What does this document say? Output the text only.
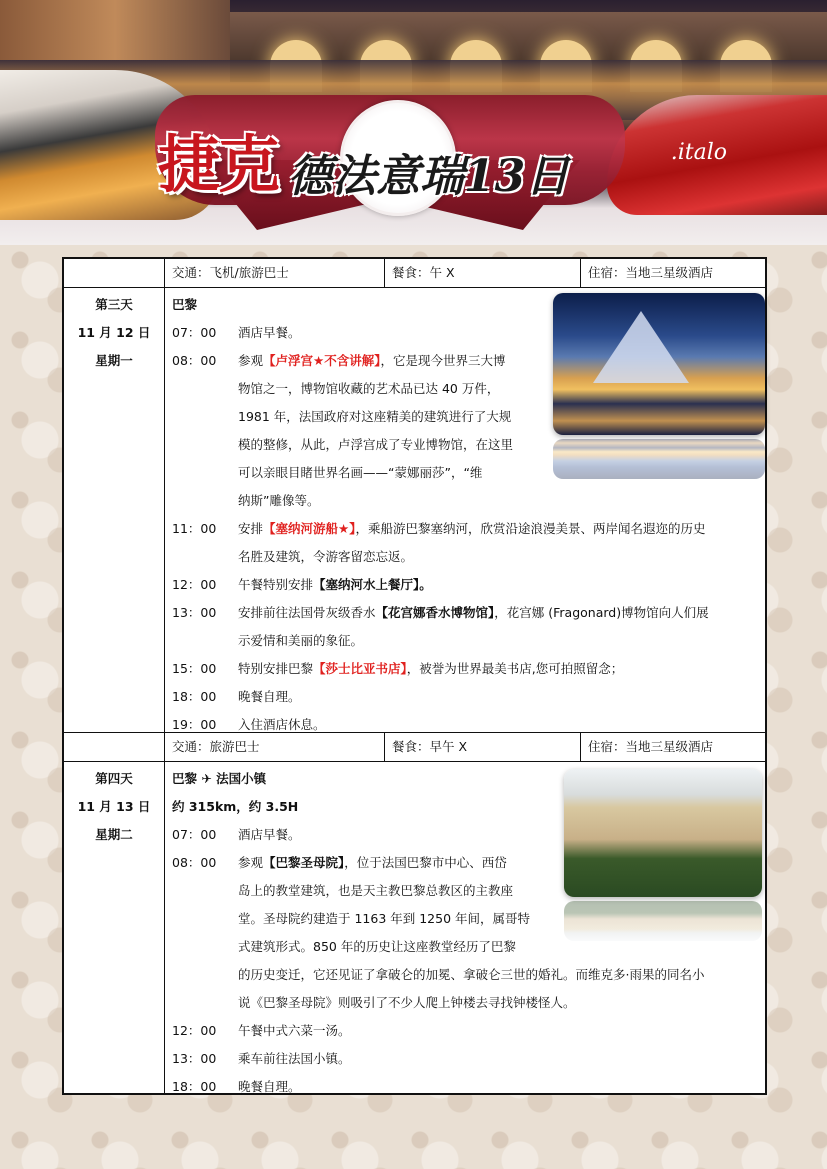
.italo
捷克 德法意瑞13日
交通：飞机/旅游巴士	餐食：午 X	住宿：当地三星级酒店
第三天
11 月 12 日
星期一
巴黎
07：00 酒店早餐。
08：00 参观【卢浮宫★不含讲解】，它是现今世界三大博
物馆之一，博物馆收藏的艺术品已达 40 万件，
1981 年，法国政府对这座精美的建筑进行了大规
模的整修，从此，卢浮宫成了专业博物馆，在这里
可以亲眼目睹世界名画——“蒙娜丽莎”，“维
纳斯”雕像等。
11：00 安排【塞纳河游船★】，乘船游巴黎塞纳河，欣赏沿途浪漫美景、两岸闻名遐迩的历史
名胜及建筑，令游客留恋忘返。
12：00 午餐特别安排【塞纳河水上餐厅】。
13：00 安排前往法国骨灰级香水【花宫娜香水博物馆】，花宫娜 (Fragonard)博物馆向人们展
示爱情和美丽的象征。
15：00 特别安排巴黎【莎士比亚书店】，被誉为世界最美书店,您可拍照留念；
18：00 晚餐自理。
19：00 入住酒店休息。
交通：旅游巴士	餐食：早午 X	住宿：当地三星级酒店
第四天
11 月 13 日
星期二
巴黎 ✈ 法国小镇
约 315km，约 3.5H
07：00 酒店早餐。
08：00 参观【巴黎圣母院】，位于法国巴黎市中心、西岱
岛上的教堂建筑，也是天主教巴黎总教区的主教座
堂。圣母院约建造于 1163 年到 1250 年间，属哥特
式建筑形式。850 年的历史让这座教堂经历了巴黎
的历史变迁，它还见证了拿破仑的加冕、拿破仑三世的婚礼。而维克多·雨果的同名小
说《巴黎圣母院》则吸引了不少人爬上钟楼去寻找钟楼怪人。
12：00 午餐中式六菜一汤。
13：00 乘车前往法国小镇。
18：00 晚餐自理。
